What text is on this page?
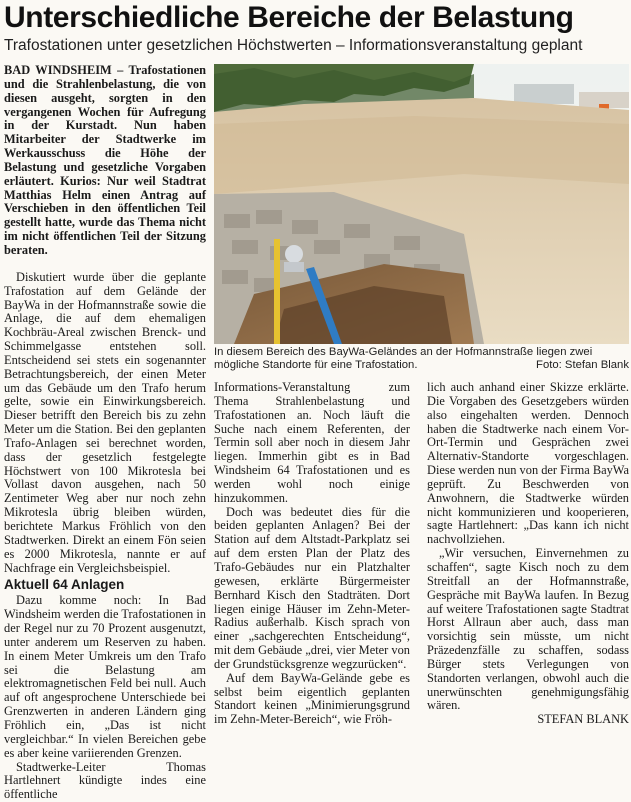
Unterschiedliche Bereiche der Belastung
Trafostationen unter gesetzlichen Höchstwerten – Informationsveranstaltung geplant

BAD WINDSHEIM – Trafostationen und die Strahlenbelastung, die von diesen ausgeht, sorgten in den vergangenen Wochen für Aufregung in der Kurstadt. Nun haben Mitarbeiter der Stadtwerke im Werkausschuss die Höhe der Belastung und gesetzliche Vorgaben erläutert. Kurios: Nur weil Stadtrat Matthias Helm einen Antrag auf Verschieben in den öffentlichen Teil gestellt hatte, wurde das Thema nicht im nicht öffentlichen Teil der Sitzung beraten.

Diskutiert wurde über die geplante Trafostation auf dem Gelände der BayWa in der Hofmannstraße sowie die Anlage, die auf dem ehemaligen Kochbräu-Areal zwischen Brenck- und Schimmelgasse entstehen soll. Entscheidend sei stets ein sogenannter Betrachtungsbereich, der einen Meter um das Gebäude um den Trafo herum gelte, sowie ein Einwirkungsbereich. Dieser betrifft den Bereich bis zu zehn Meter um die Station. Bei den geplanten Trafo-Anlagen sei berechnet worden, dass der gesetzlich festgelegte Höchstwert von 100 Mikrotesla bei Vollast davon ausgehen, nach 50 Zentimeter Weg aber nur noch zehn Mikrotesla übrig bleiben würden, berichtete Markus Fröhlich von den Stadtwerken. Direkt an einem Fön seien es 2000 Mikrotesla, nannte er auf Nachfrage ein Vergleichsbeispiel.

Aktuell 64 Anlagen

Dazu komme noch: In Bad Windsheim werden die Trafostationen in der Regel nur zu 70 Prozent ausgenutzt, unter anderem um Reserven zu haben. In einem Meter Umkreis um den Trafo sei die Belastung am elektromagnetischen Feld bei null. Auch auf oft angesprochene Unterschiede bei Grenzwerten in anderen Ländern ging Fröhlich ein, „Das ist nicht vergleichbar.“ In vielen Bereichen gebe es aber keine variierenden Grenzen.

Stadtwerke-Leiter Thomas Hartlehnert kündigte indes eine öffentliche

In diesem Bereich des BayWa-Geländes an der Hofmannstraße liegen zwei mögliche Standorte für eine Trafostation.	Foto: Stefan Blank

Informations-Veranstaltung zum Thema Strahlenbelastung und Trafostationen an. Noch läuft die Suche nach einem Referenten, der Termin soll aber noch in diesem Jahr liegen. Immerhin gibt es in Bad Windsheim 64 Trafostationen und es werden wohl noch einige hinzukommen.

Doch was bedeutet dies für die beiden geplanten Anlagen? Bei der Station auf dem Altstadt-Parkplatz sei auf dem ersten Plan der Platz des Trafo-Gebäudes nur ein Platzhalter gewesen, erklärte Bürgermeister Bernhard Kisch den Stadträten. Dort liegen einige Häuser im Zehn-Meter-Radius außerhalb. Kisch sprach von einer „sachgerechten Entscheidung“, mit dem Gebäude „drei, vier Meter von der Grundstücksgrenze wegzurücken“.

Auf dem BayWa-Gelände gebe es selbst beim eigentlich geplanten Standort keinen „Minimierungsgrund im Zehn-Meter-Bereich“, wie Fröh-

lich auch anhand einer Skizze erklärte. Die Vorgaben des Gesetzgebers würden also eingehalten werden. Dennoch haben die Stadtwerke nach einem Vor-Ort-Termin und Gesprächen zwei Alternativ-Standorte vorgeschlagen. Diese werden nun von der Firma BayWa geprüft. Zu Beschwerden von Anwohnern, die Stadtwerke würden nicht kommunizieren und kooperieren, sagte Hartlehnert: „Das kann ich nicht nachvollziehen.

„Wir versuchen, Einvernehmen zu schaffen“, sagte Kisch noch zu dem Streitfall an der Hofmannstraße, Gespräche mit BayWa laufen. In Bezug auf weitere Trafostationen sagte Stadtrat Horst Allraun aber auch, dass man vorsichtig sein müsste, um nicht Präzedenzfälle zu schaffen, sodass Bürger stets Verlegungen von Standorten verlangen, obwohl auch die unerwünschten genehmigungsfähig wären.
STEFAN BLANK
